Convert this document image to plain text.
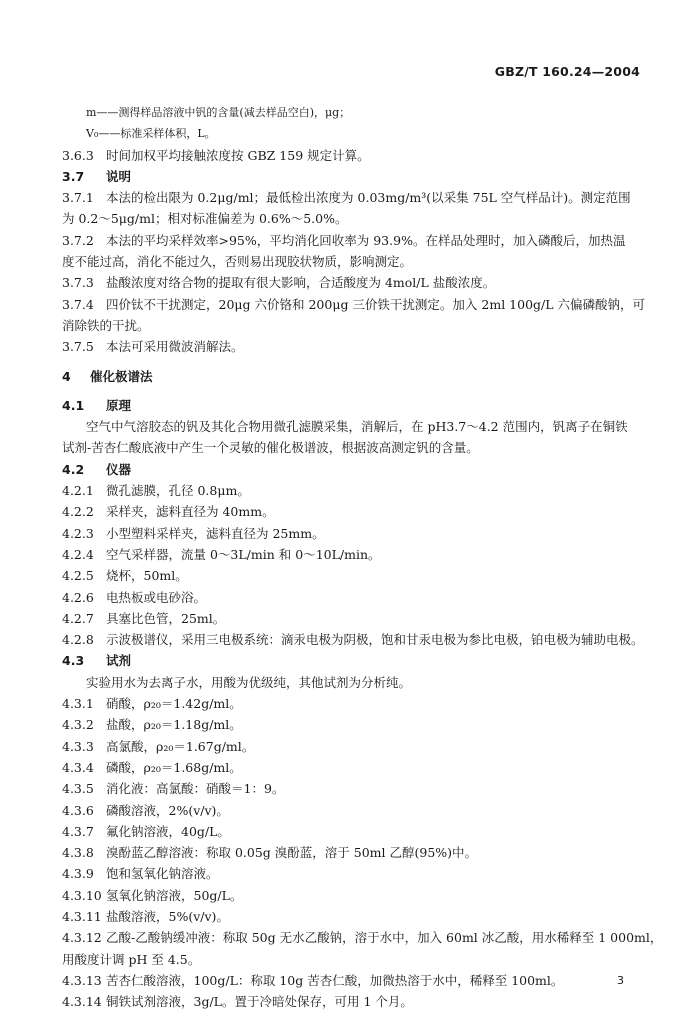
GBZ/T 160.24—2004
m——测得样品溶液中钒的含量(减去样品空白)，μg；
V₀——标准采样体积，L。
3.6.3 时间加权平均接触浓度按 GBZ 159 规定计算。
3.7 说明
3.7.1 本法的检出限为 0.2μg/ml；最低检出浓度为 0.03mg/m³(以采集 75L 空气样品计)。测定范围
为 0.2～5μg/ml；相对标准偏差为 0.6%～5.0%。
3.7.2 本法的平均采样效率>95%，平均消化回收率为 93.9%。在样品处理时，加入磷酸后，加热温
度不能过高，消化不能过久，否则易出现胶状物质，影响测定。
3.7.3 盐酸浓度对络合物的提取有很大影响，合适酸度为 4mol/L 盐酸浓度。
3.7.4 四价钛不干扰测定，20μg 六价铬和 200μg 三价铁干扰测定。加入 2ml 100g/L 六偏磷酸钠，可
消除铁的干扰。
3.7.5 本法可采用微波消解法。
4 催化极谱法
4.1 原理
空气中气溶胶态的钒及其化合物用微孔滤膜采集，消解后，在 pH3.7～4.2 范围内，钒离子在铜铁
试剂-苦杏仁酸底液中产生一个灵敏的催化极谱波，根据波高测定钒的含量。
4.2 仪器
4.2.1 微孔滤膜，孔径 0.8μm。
4.2.2 采样夹，滤料直径为 40mm。
4.2.3 小型塑料采样夹，滤料直径为 25mm。
4.2.4 空气采样器，流量 0～3L/min 和 0～10L/min。
4.2.5 烧杯，50ml。
4.2.6 电热板或电砂浴。
4.2.7 具塞比色管，25ml。
4.2.8 示波极谱仪，采用三电极系统：滴汞电极为阴极，饱和甘汞电极为参比电极，铂电极为辅助电极。
4.3 试剂
实验用水为去离子水，用酸为优级纯，其他试剂为分析纯。
4.3.1 硝酸，ρ₂₀＝1.42g/ml。
4.3.2 盐酸，ρ₂₀＝1.18g/ml。
4.3.3 高氯酸，ρ₂₀＝1.67g/ml。
4.3.4 磷酸，ρ₂₀＝1.68g/ml。
4.3.5 消化液：高氯酸：硝酸＝1：9。
4.3.6 磷酸溶液，2%(v/v)。
4.3.7 氟化钠溶液，40g/L。
4.3.8 溴酚蓝乙醇溶液：称取 0.05g 溴酚蓝，溶于 50ml 乙醇(95%)中。
4.3.9 饱和氢氧化钠溶液。
4.3.10 氢氧化钠溶液，50g/L。
4.3.11 盐酸溶液，5%(v/v)。
4.3.12 乙酸-乙酸钠缓冲液：称取 50g 无水乙酸钠，溶于水中，加入 60ml 冰乙酸，用水稀释至 1 000ml，
用酸度计调 pH 至 4.5。
4.3.13 苦杏仁酸溶液，100g/L：称取 10g 苦杏仁酸，加微热溶于水中，稀释至 100ml。
4.3.14 铜铁试剂溶液，3g/L。置于冷暗处保存，可用 1 个月。
3
